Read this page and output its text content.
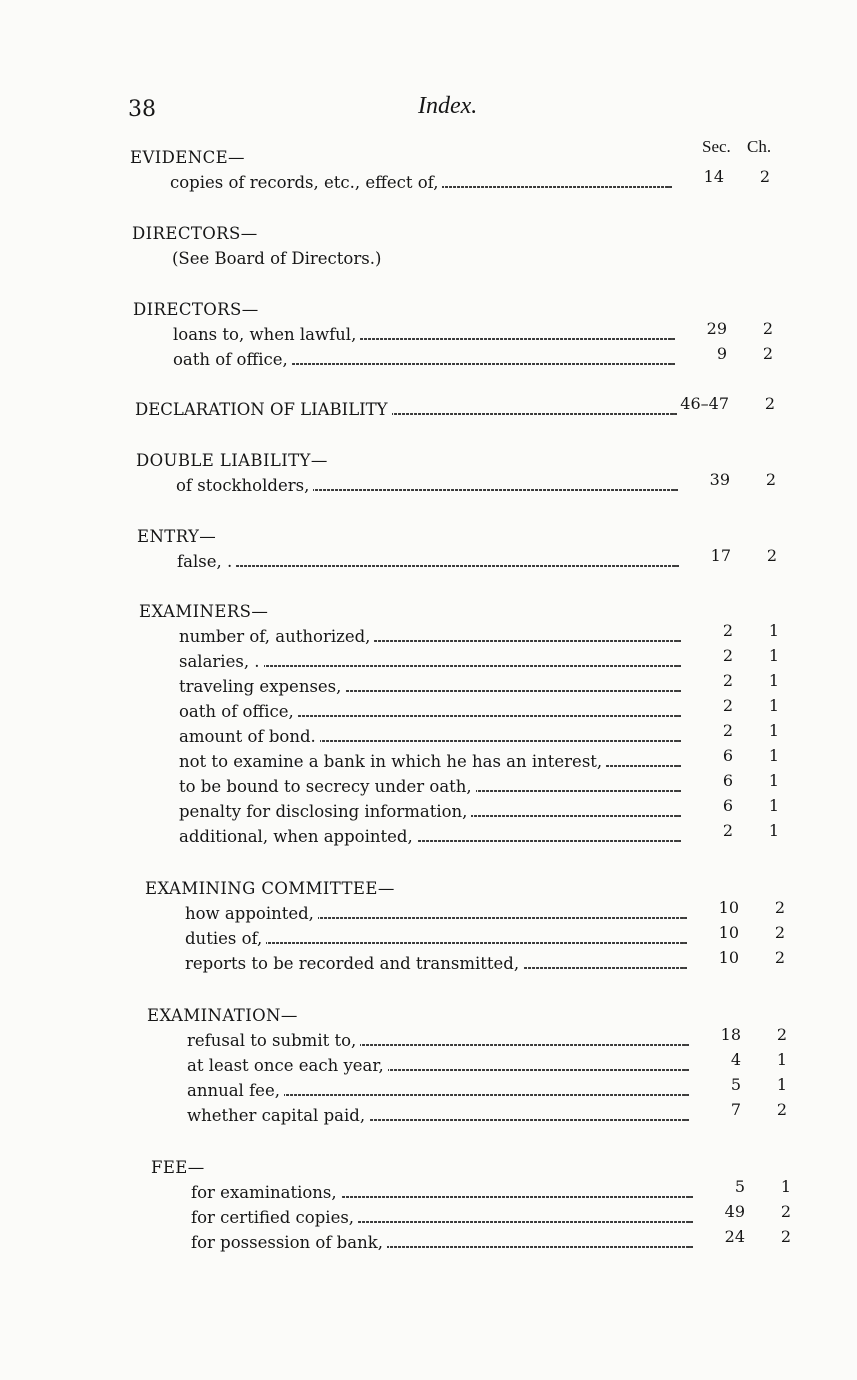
38	Index.
Sec. Ch.
EVIDENCE—
copies of records, etc., effect of,	14	2
DIRECTORS—
(See Board of Directors.)
DIRECTORS—
loans to, when lawful,	29	2
oath of office,	9	2
DECLARATION OF LIABILITY	46–47	2
DOUBLE LIABILITY—
of stockholders,	39	2
ENTRY—
false, .	17	2
EXAMINERS—
number of, authorized,	2	1
salaries, .	2	1
traveling expenses,	2	1
oath of office,	2	1
amount of bond.	2	1
not to examine a bank in which he has an interest,	6	1
to be bound to secrecy under oath,	6	1
penalty for disclosing information,	6	1
additional, when appointed,	2	1
EXAMINING COMMITTEE—
how appointed,	10	2
duties of,	10	2
reports to be recorded and transmitted,	10	2
EXAMINATION—
refusal to submit to,	18	2
at least once each year,	4	1
annual fee,	5	1
whether capital paid,	7	2
FEE—
for examinations,	5	1
for certified copies,	49	2
for possession of bank,	24	2
